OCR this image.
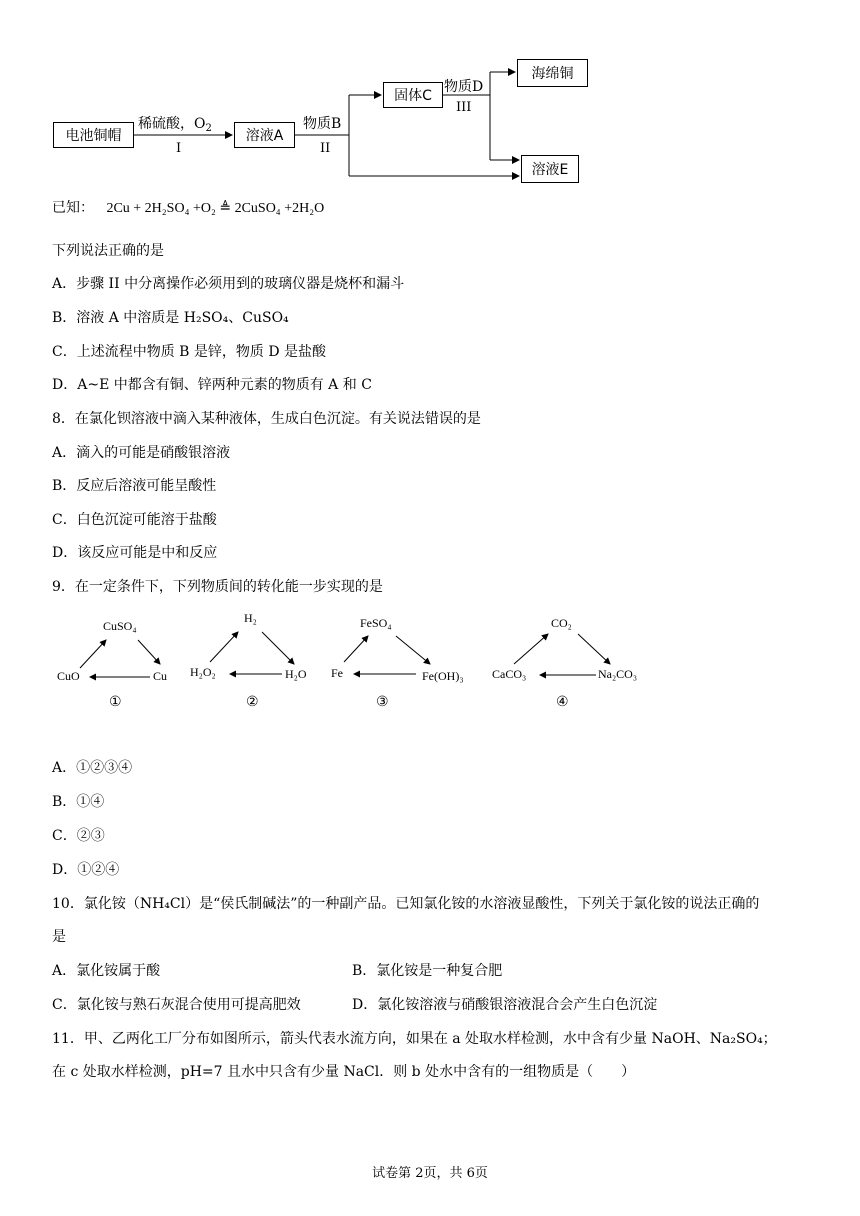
电池铜帽	溶液A
固体C
海绵铜
溶液E
稀硫酸，$O_2$
I
物质B
II
物质D
III
已知： 2Cu + 2H₂SO₄ +O₂ ≜ 2CuSO₄ +2H₂O
下列说法正确的是
A．步骤 II 中分离操作必须用到的玻璃仪器是烧杯和漏斗
B．溶液 A 中溶质是 H₂SO₄、CuSO₄
C．上述流程中物质 B 是锌，物质 D 是盐酸
D．A~E 中都含有铜、锌两种元素的物质有 A 和 C
8．在氯化钡溶液中滴入某种液体，生成白色沉淀。有关说法错误的是
A．滴入的可能是硝酸银溶液
B．反应后溶液可能呈酸性
C．白色沉淀可能溶于盐酸
D．该反应可能是中和反应
9．在一定条件下，下列物质间的转化能一步实现的是
CuSO₄
CuO	Cu
①
H₂
H₂O₂	H₂O
②
FeSO₄
Fe	Fe(OH)₃
③
CO₂
CaCO₃	Na₂CO₃
④
A．①②③④
B．①④
C．②③
D．①②④
10．氯化铵（NH₄Cl）是“侯氏制碱法”的一种副产品。已知氯化铵的水溶液显酸性，下列关于氯化铵的说法正确的
是
A．氯化铵属于酸	B．氯化铵是一种复合肥
C．氯化铵与熟石灰混合使用可提高肥效	D．氯化铵溶液与硝酸银溶液混合会产生白色沉淀
11．甲、乙两化工厂分布如图所示，箭头代表水流方向，如果在 a 处取水样检测，水中含有少量 NaOH、Na₂SO₄；
在 c 处取水样检测，pH=7 且水中只含有少量 NaCl．则 b 处水中含有的一组物质是（　　）
试卷第 2页，共 6页
